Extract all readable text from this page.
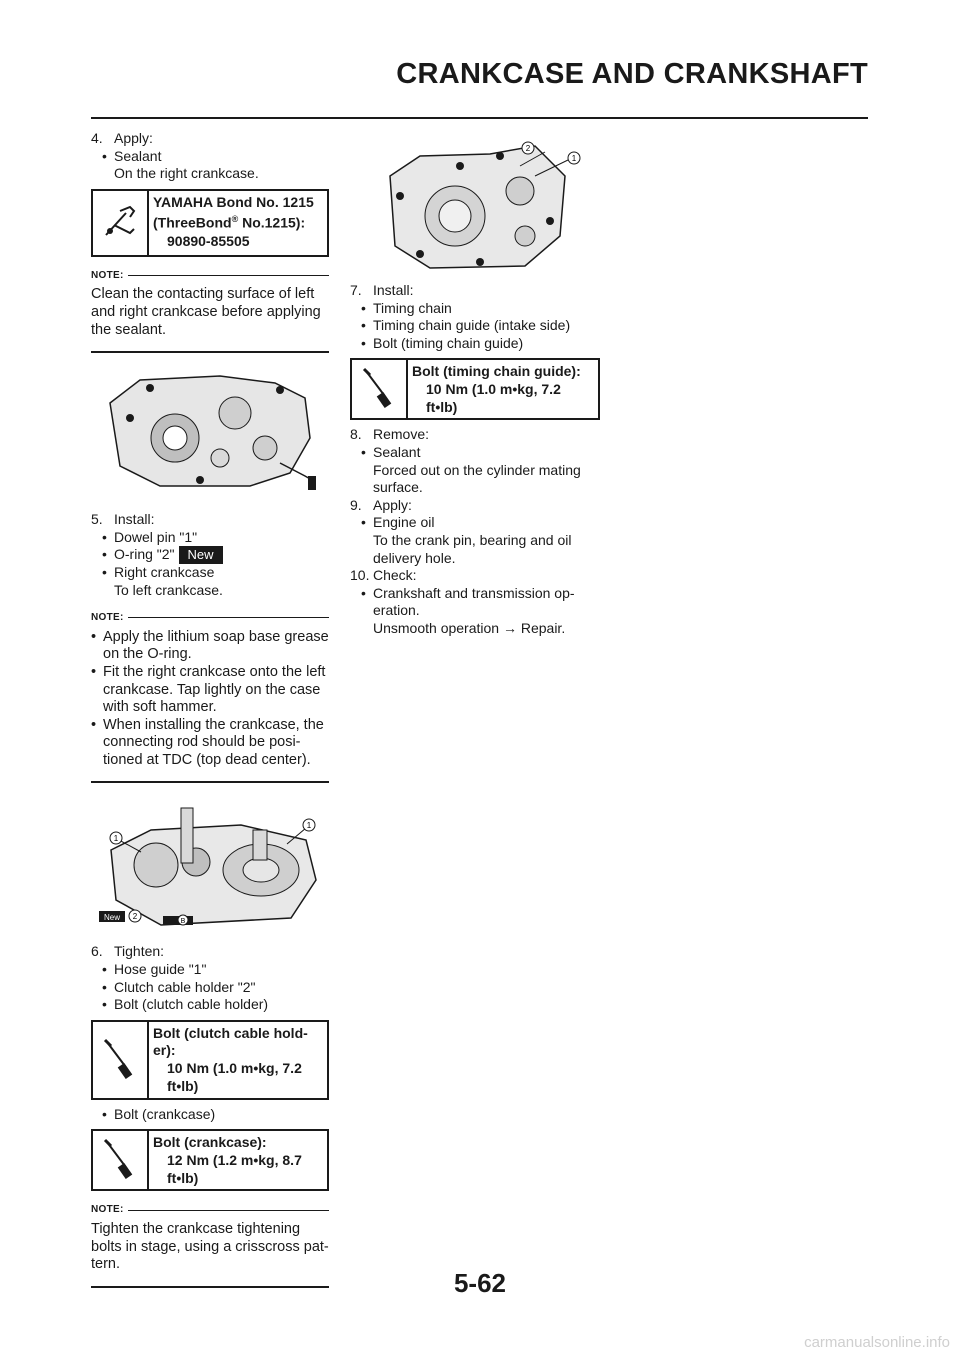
CRANKCASE AND CRANKSHAFT
4. Apply:
• Sealant
On the right crankcase.
YAMAHA Bond No. 1215
(ThreeBond® No.1215):
90890-85505
NOTE:
Clean the contacting surface of left and right crankcase before applying the sealant.
5. Install:
• Dowel pin "1"
• O-ring "2"	New
• Right crankcase
To left crankcase.
NOTE:
• Apply the lithium soap base grease on the O-ring.
• Fit the right crankcase onto the left crankcase. Tap lightly on the case with soft hammer.
• When installing the crankcase, the connecting rod should be posi-tioned at TDC (top dead center).
1
1
New 2
B
6. Tighten:
• Hose guide "1"
• Clutch cable holder "2"
• Bolt (clutch cable holder)
Bolt (clutch cable hold-er):
10 Nm (1.0 m•kg, 7.2 ft•lb)
• Bolt (crankcase)
Bolt (crankcase):
12 Nm (1.2 m•kg, 8.7 ft•lb)
NOTE:
Tighten the crankcase tightening bolts in stage, using a crisscross pat-tern.
2
1
7. Install:
• Timing chain
• Timing chain guide (intake side)
• Bolt (timing chain guide)
Bolt (timing chain guide):
10 Nm (1.0 m•kg, 7.2 ft•lb)
8. Remove:
• Sealant
Forced out on the cylinder mating surface.
9. Apply:
• Engine oil
To the crank pin, bearing and oil delivery hole.
10. Check:
• Crankshaft and transmission op-eration.
Unsmooth operation → Repair.
5-62
carmanualsonline.info
